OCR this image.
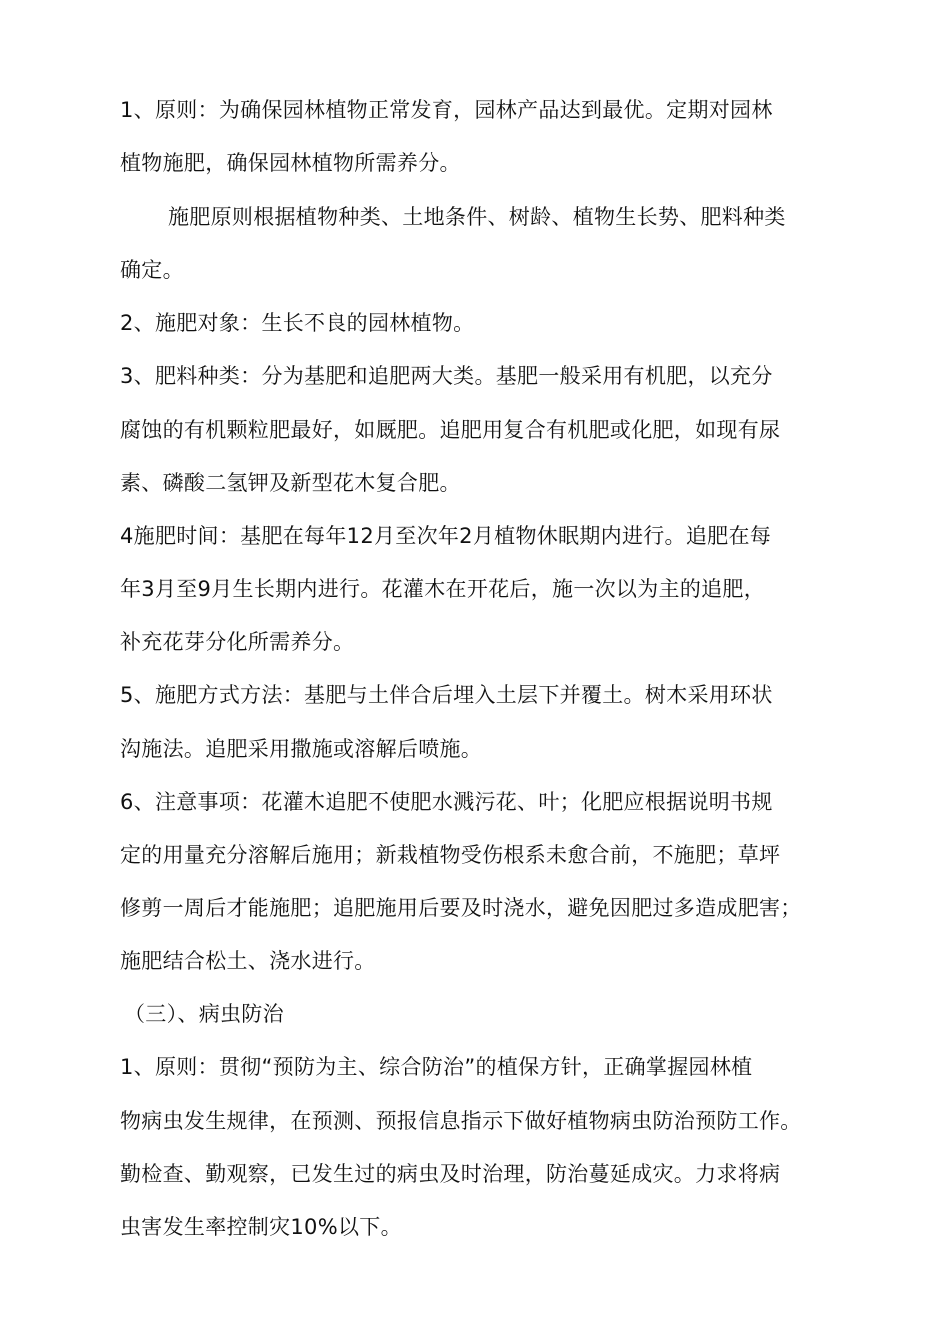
1、原则：为确保园林植物正常发育，园林产品达到最优。定期对园林
植物施肥，确保园林植物所需养分。
施肥原则根据植物种类、土地条件、树龄、植物生长势、肥料种类
确定。
2、施肥对象：生长不良的园林植物。
3、肥料种类：分为基肥和追肥两大类。基肥一般采用有机肥，以充分
腐蚀的有机颗粒肥最好，如厩肥。追肥用复合有机肥或化肥，如现有尿
素、磷酸二氢钾及新型花木复合肥。
4施肥时间：基肥在每年12月至次年2月植物休眠期内进行。追肥在每
年3月至9月生长期内进行。花灌木在开花后，施一次以为主的追肥，
补充花芽分化所需养分。
5、施肥方式方法：基肥与土伴合后埋入土层下并覆土。树木采用环状
沟施法。追肥采用撒施或溶解后喷施。
6、注意事项：花灌木追肥不使肥水溅污花、叶；化肥应根据说明书规
定的用量充分溶解后施用；新栽植物受伤根系未愈合前，不施肥；草坪
修剪一周后才能施肥；追肥施用后要及时浇水，避免因肥过多造成肥害；
施肥结合松土、浇水进行。
（三）、病虫防治
1、原则：贯彻“预防为主、综合防治”的植保方针，正确掌握园林植
物病虫发生规律，在预测、预报信息指示下做好植物病虫防治预防工作。
勤检查、勤观察，已发生过的病虫及时治理，防治蔓延成灾。力求将病
虫害发生率控制灾10%以下。
